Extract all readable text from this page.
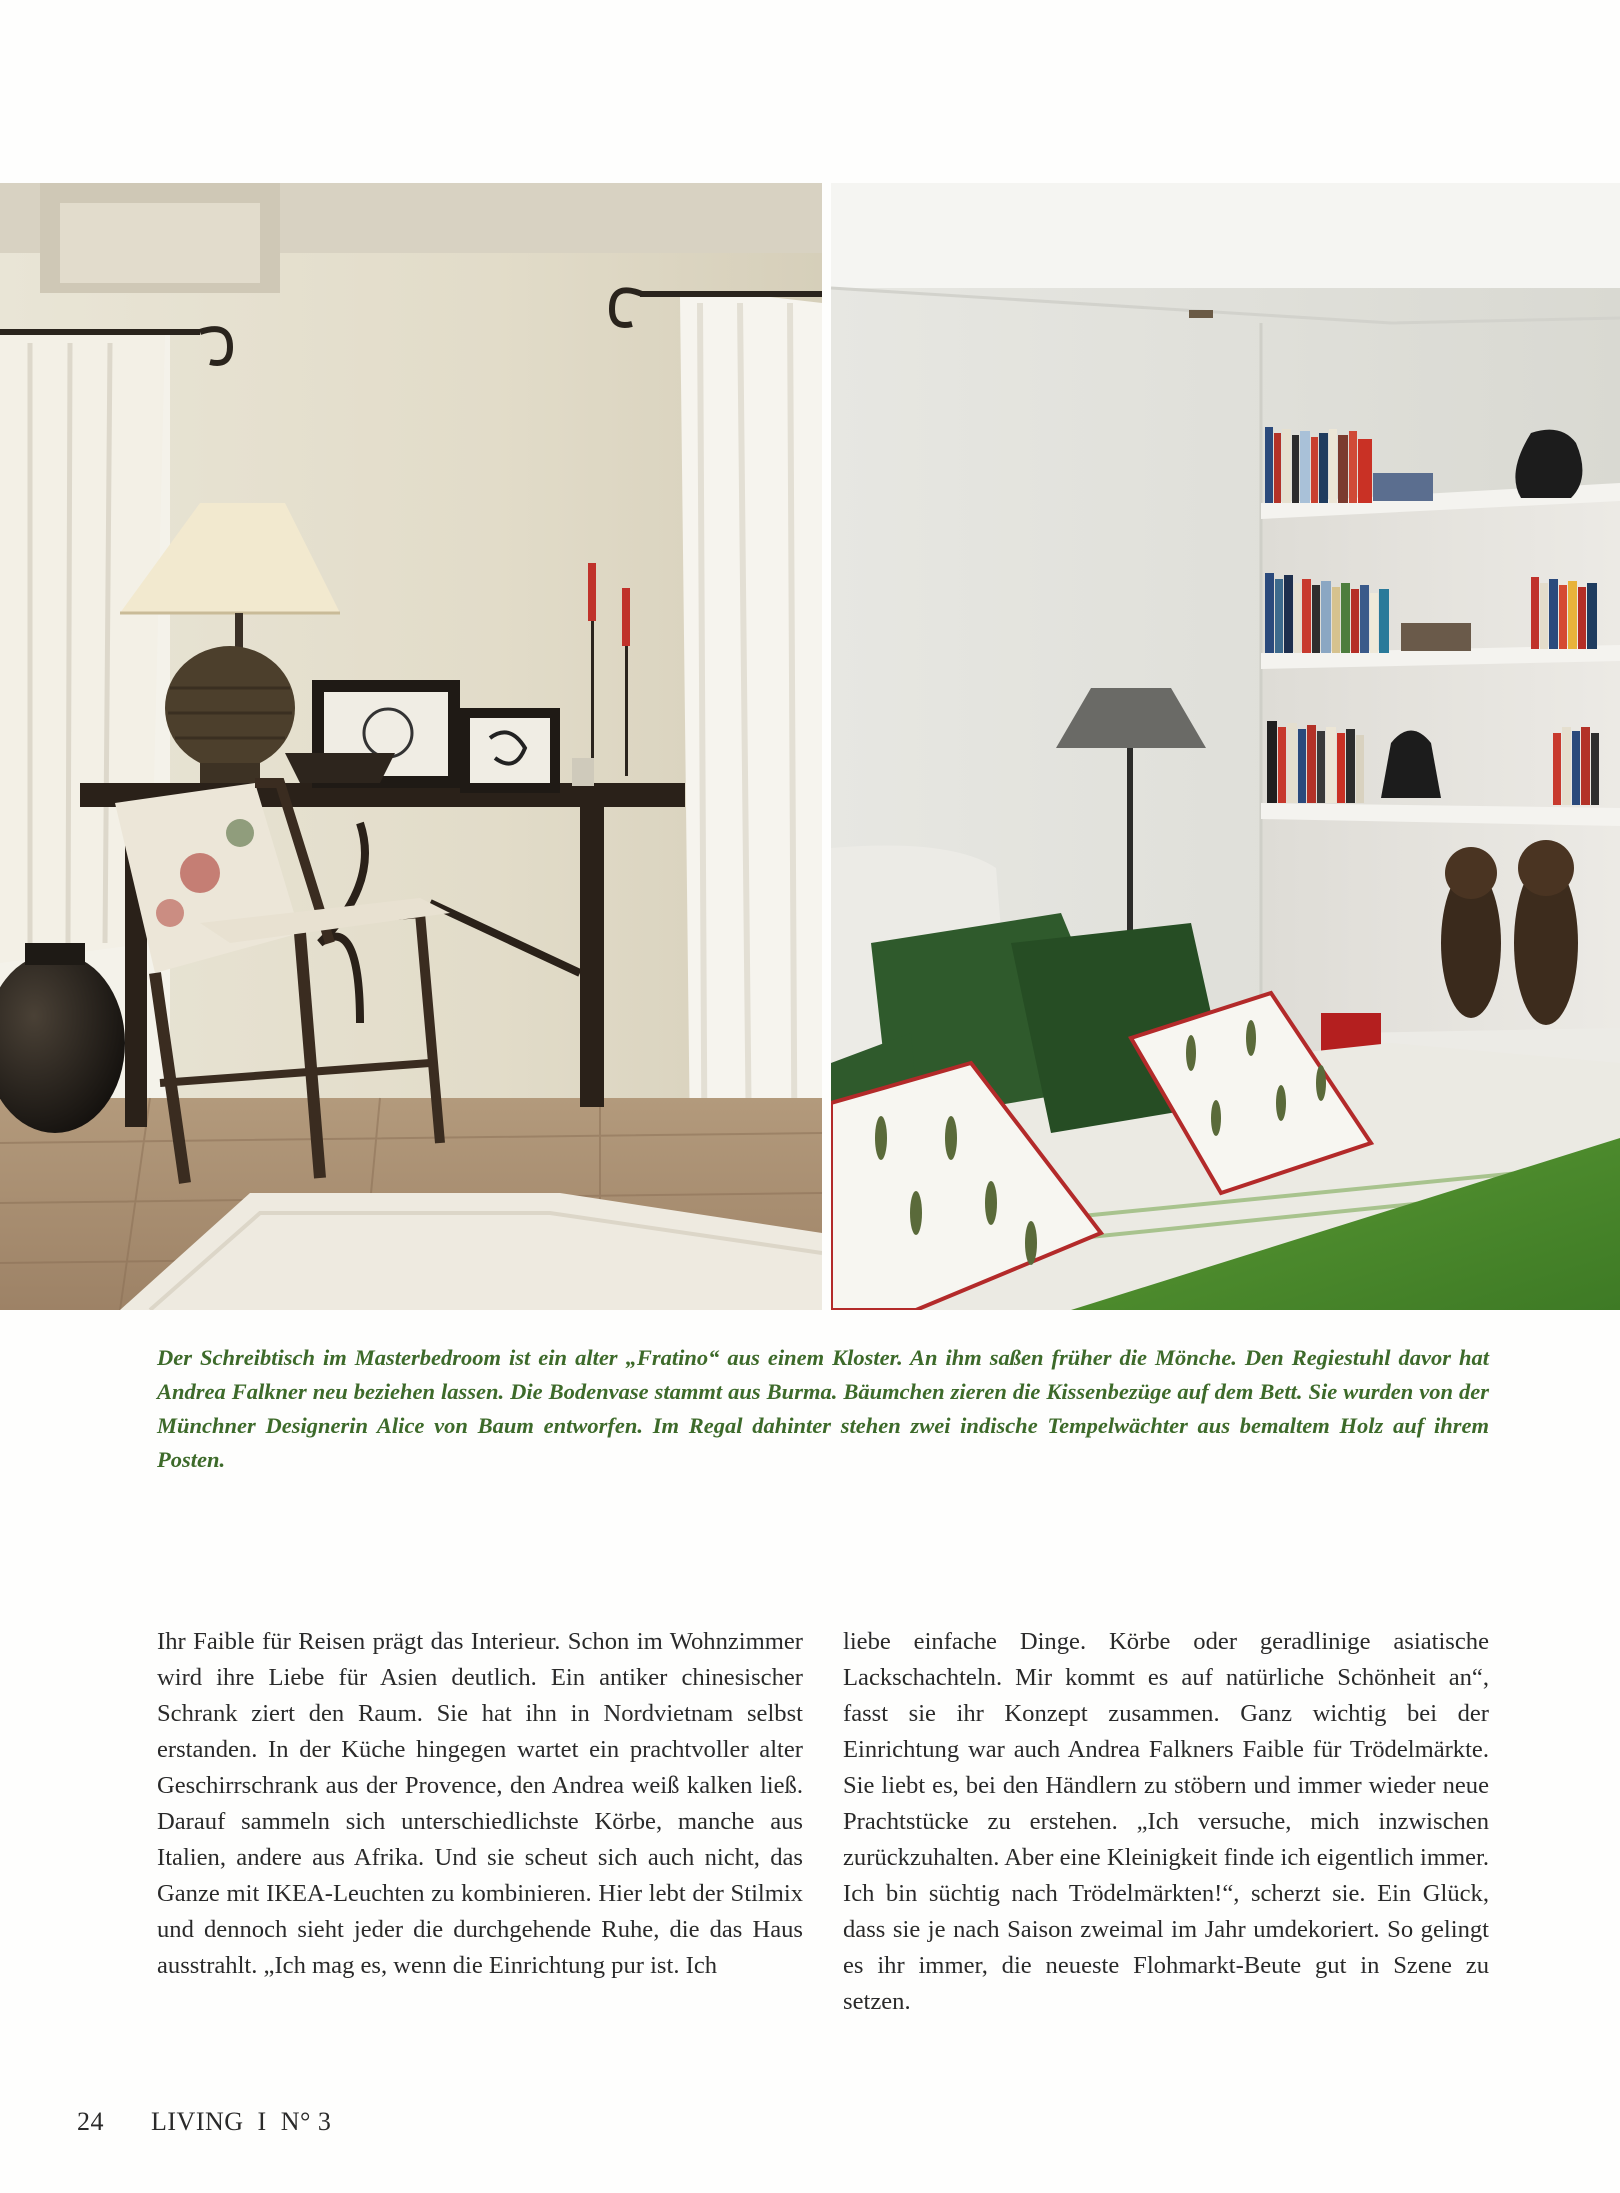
Der Schreibtisch im Masterbedroom ist ein alter „Fratino“ aus einem Kloster. An ihm saßen früher die Mönche. Den Regiestuhl davor hat Andrea Falkner neu beziehen lassen. Die Bodenvase stammt aus Burma. Bäumchen zieren die Kissenbezüge auf dem Bett. Sie wurden von der Münchner Designerin Alice von Baum entworfen. Im Regal dahinter stehen zwei indische Tempelwächter aus bemaltem Holz auf ihrem Posten.

Ihr Faible für Reisen prägt das Interieur. Schon im Wohnzimmer wird ihre Liebe für Asien deutlich. Ein antiker chinesischer Schrank ziert den Raum. Sie hat ihn in Nordvietnam selbst erstanden. In der Küche hingegen wartet ein prachtvoller alter Geschirrschrank aus der Provence, den Andrea weiß kalken ließ. Darauf sammeln sich unterschiedlichste Körbe, manche aus Italien, andere aus Afrika. Und sie scheut sich auch nicht, das Ganze mit IKEA-Leuchten zu kombinieren. Hier lebt der Stilmix und dennoch sieht jeder die durchgehende Ruhe, die das Haus ausstrahlt. „Ich mag es, wenn die Einrichtung pur ist. Ich

liebe einfache Dinge. Körbe oder geradlinige asiatische Lackschachteln. Mir kommt es auf natürliche Schönheit an“, fasst sie ihr Konzept zusammen. Ganz wichtig bei der Einrichtung war auch Andrea Falkners Faible für Trödelmärkte. Sie liebt es, bei den Händlern zu stöbern und immer wieder neue Prachtstücke zu erstehen. „Ich versuche, mich inzwischen zurückzuhalten. Aber eine Kleinigkeit finde ich eigentlich immer. Ich bin süchtig nach Trödelmärkten!“, scherzt sie. Ein Glück, dass sie je nach Saison zweimal im Jahr umdekoriert. So gelingt es ihr immer, die neueste Flohmarkt-Beute gut in Szene zu setzen.

24 LIVING I N° 3
